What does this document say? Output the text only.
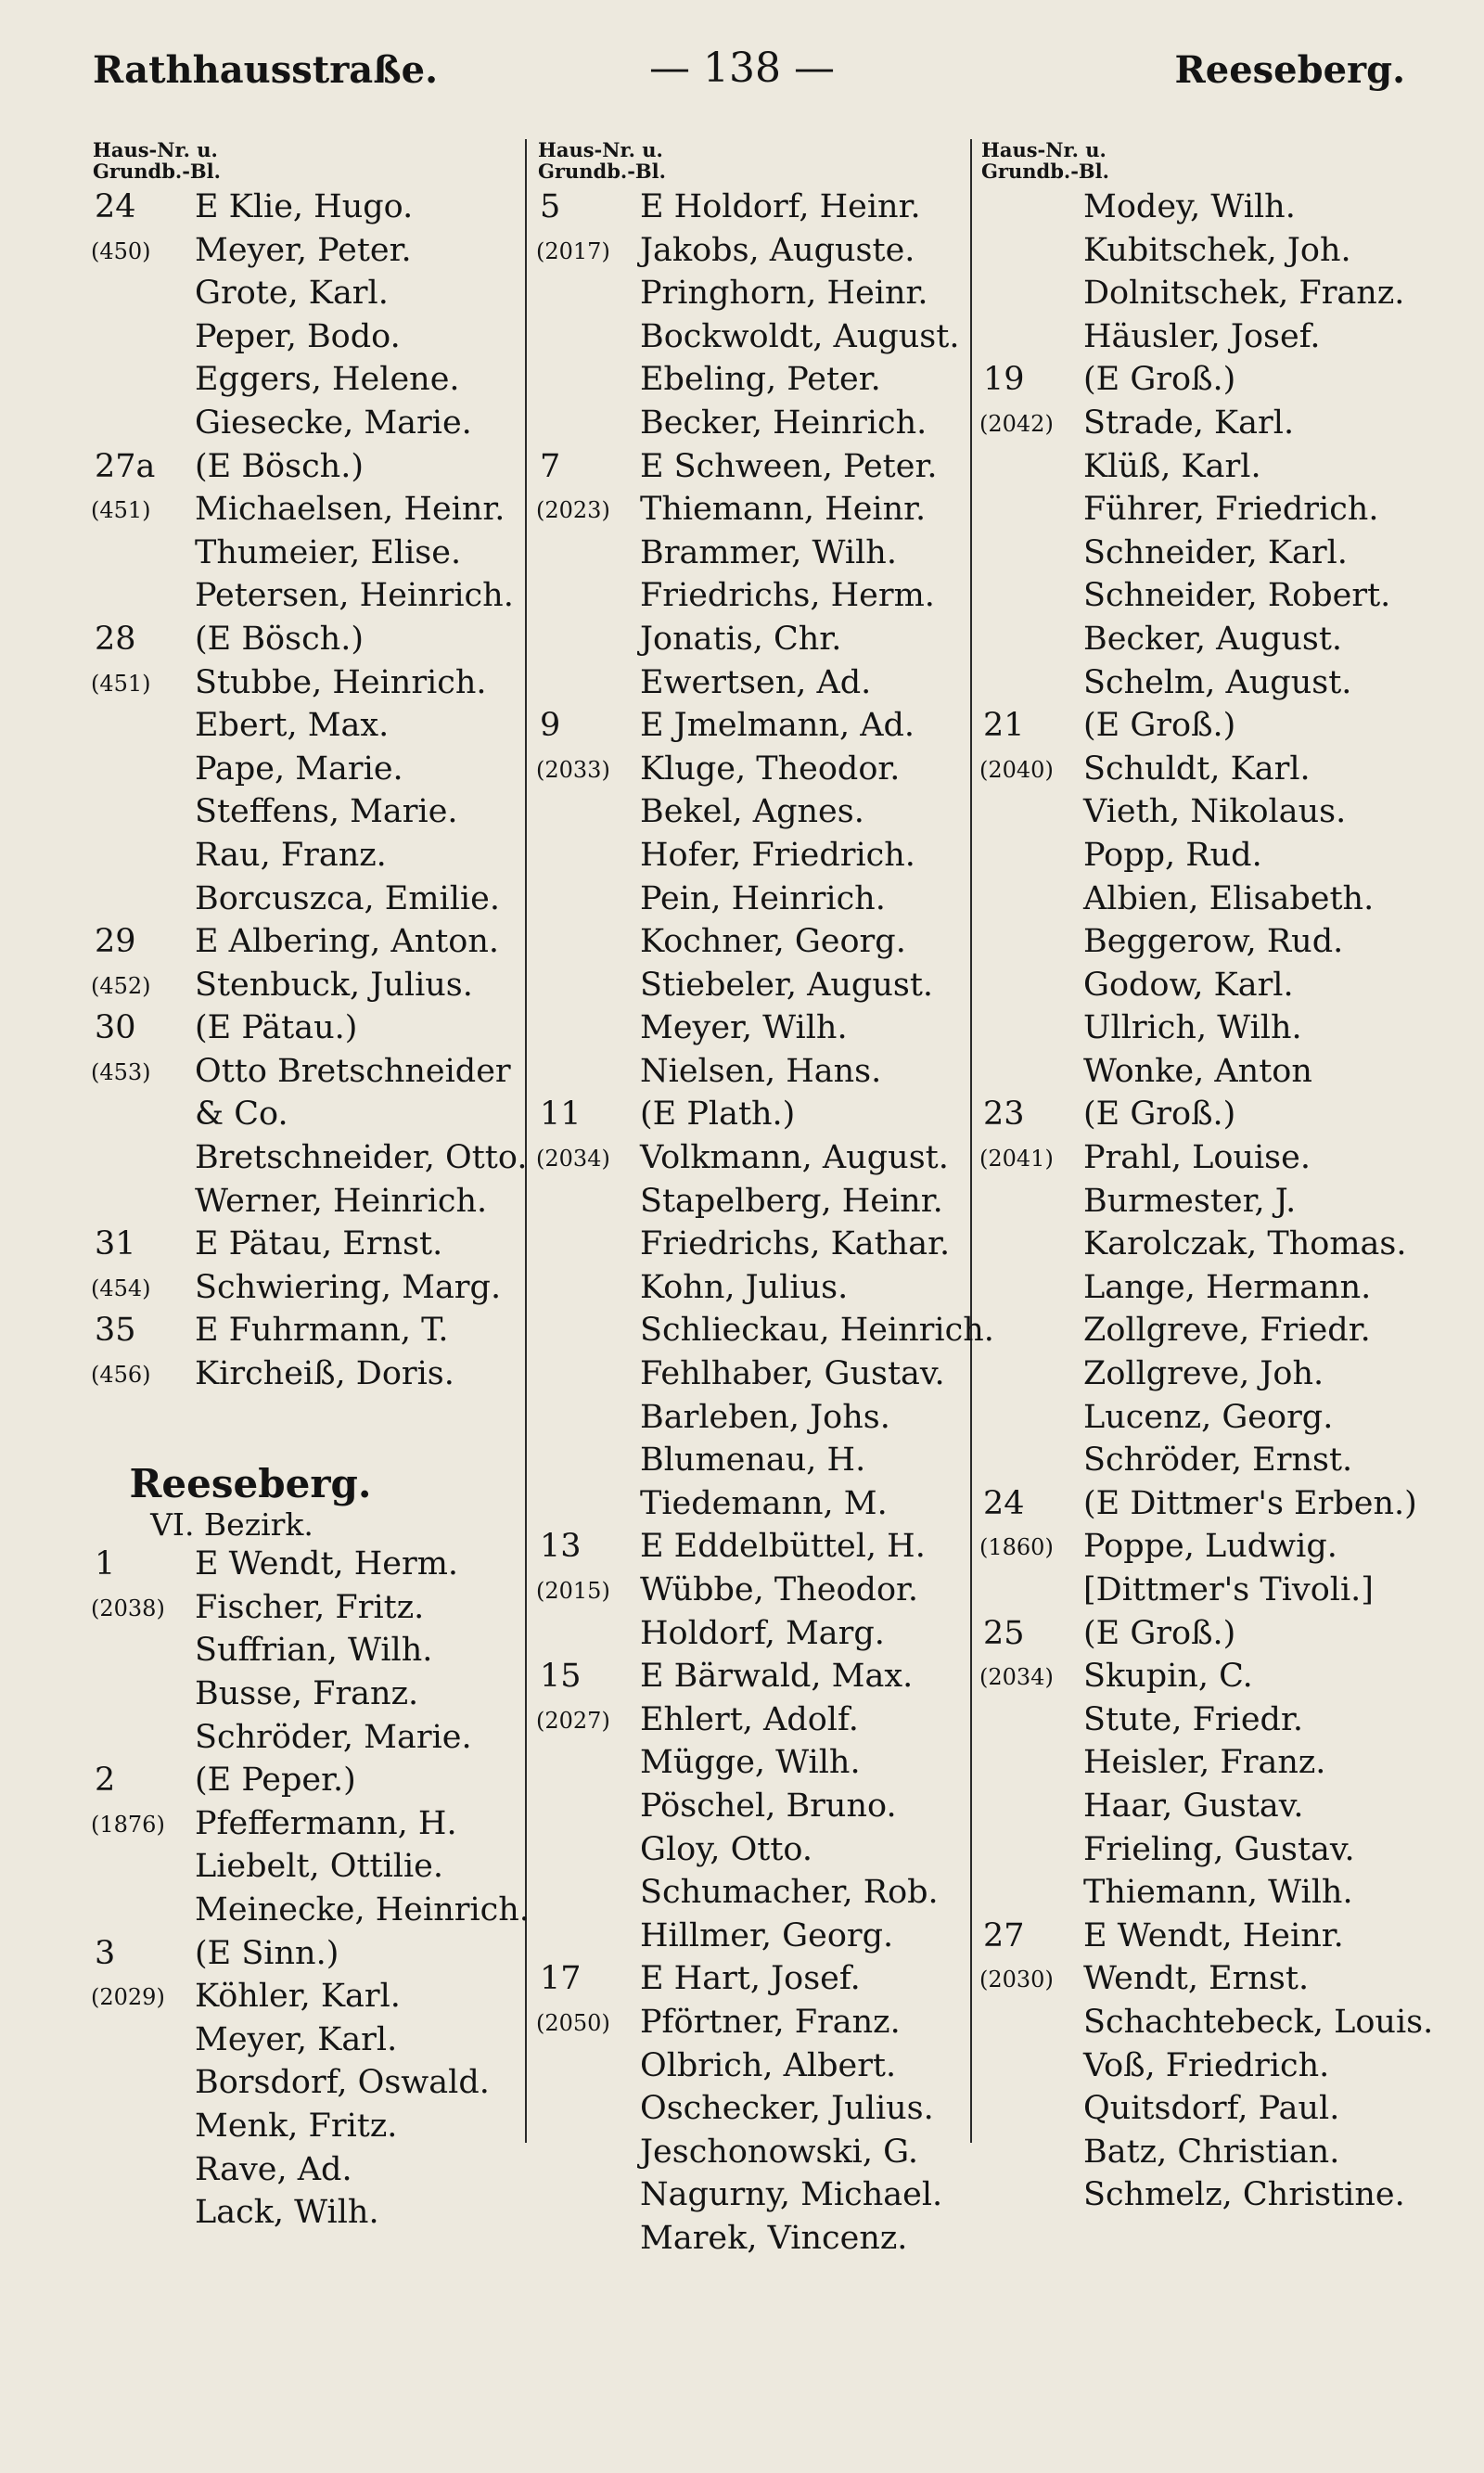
Rathhausstraße.	— 138 —	Reeseberg.
Haus-Nr. u.
Grundb.-Bl.
24 E Klie, Hugo.
(450) Meyer, Peter.
Grote, Karl.
Peper, Bodo.
Eggers, Helene.
Giesecke, Marie.
27a (E Bösch.)
(451) Michaelsen, Heinr.
Thumeier, Elise.
Petersen, Heinrich.
28 (E Bösch.)
(451) Stubbe, Heinrich.
Ebert, Max.
Pape, Marie.
Steffens, Marie.
Rau, Franz.
Borcuszca, Emilie.
29 E Albering, Anton.
(452) Stenbuck, Julius.
30 (E Pätau.)
(453) Otto Bretschneider
& Co.
Bretschneider, Otto.
Werner, Heinrich.
31 E Pätau, Ernst.
(454) Schwiering, Marg.
35 E Fuhrmann, T.
(456) Kircheiß, Doris.
Reeseberg.
VI. Bezirk.
1 E Wendt, Herm.
(2038) Fischer, Fritz.
Suffrian, Wilh.
Busse, Franz.
Schröder, Marie.
2 (E Peper.)
(1876) Pfeffermann, H.
Liebelt, Ottilie.
Meinecke, Heinrich.
3 (E Sinn.)
(2029) Köhler, Karl.
Meyer, Karl.
Borsdorf, Oswald.
Menk, Fritz.
Rave, Ad.
Lack, Wilh.
Haus-Nr. u.
Grundb.-Bl.
5 E Holdorf, Heinr.
(2017) Jakobs, Auguste.
Pringhorn, Heinr.
Bockwoldt, August.
Ebeling, Peter.
Becker, Heinrich.
7 E Schween, Peter.
(2023) Thiemann, Heinr.
Brammer, Wilh.
Friedrichs, Herm.
Jonatis, Chr.
Ewertsen, Ad.
9 E Jmelmann, Ad.
(2033) Kluge, Theodor.
Bekel, Agnes.
Hofer, Friedrich.
Pein, Heinrich.
Kochner, Georg.
Stiebeler, August.
Meyer, Wilh.
Nielsen, Hans.
11 (E Plath.)
(2034) Volkmann, August.
Stapelberg, Heinr.
Friedrichs, Kathar.
Kohn, Julius.
Schlieckau, Heinrich.
Fehlhaber, Gustav.
Barleben, Johs.
Blumenau, H.
Tiedemann, M.
13 E Eddelbüttel, H.
(2015) Wübbe, Theodor.
Holdorf, Marg.
15 E Bärwald, Max.
(2027) Ehlert, Adolf.
Mügge, Wilh.
Pöschel, Bruno.
Gloy, Otto.
Schumacher, Rob.
Hillmer, Georg.
17 E Hart, Josef.
(2050) Pförtner, Franz.
Olbrich, Albert.
Oschecker, Julius.
Jeschonowski, G.
Nagurny, Michael.
Marek, Vincenz.
Haus-Nr. u.
Grundb.-Bl.
Modey, Wilh.
Kubitschek, Joh.
Dolnitschek, Franz.
Häusler, Josef.
19 (E Groß.)
(2042) Strade, Karl.
Klüß, Karl.
Führer, Friedrich.
Schneider, Karl.
Schneider, Robert.
Becker, August.
Schelm, August.
21 (E Groß.)
(2040) Schuldt, Karl.
Vieth, Nikolaus.
Popp, Rud.
Albien, Elisabeth.
Beggerow, Rud.
Godow, Karl.
Ullrich, Wilh.
Wonke, Anton
23 (E Groß.)
(2041) Prahl, Louise.
Burmester, J.
Karolczak, Thomas.
Lange, Hermann.
Zollgreve, Friedr.
Zollgreve, Joh.
Lucenz, Georg.
Schröder, Ernst.
24 (E Dittmer's Erben.)
(1860) Poppe, Ludwig.
[Dittmer's Tivoli.]
25 (E Groß.)
(2034) Skupin, C.
Stute, Friedr.
Heisler, Franz.
Haar, Gustav.
Frieling, Gustav.
Thiemann, Wilh.
27 E Wendt, Heinr.
(2030) Wendt, Ernst.
Schachtebeck, Louis.
Voß, Friedrich.
Quitsdorf, Paul.
Batz, Christian.
Schmelz, Christine.
